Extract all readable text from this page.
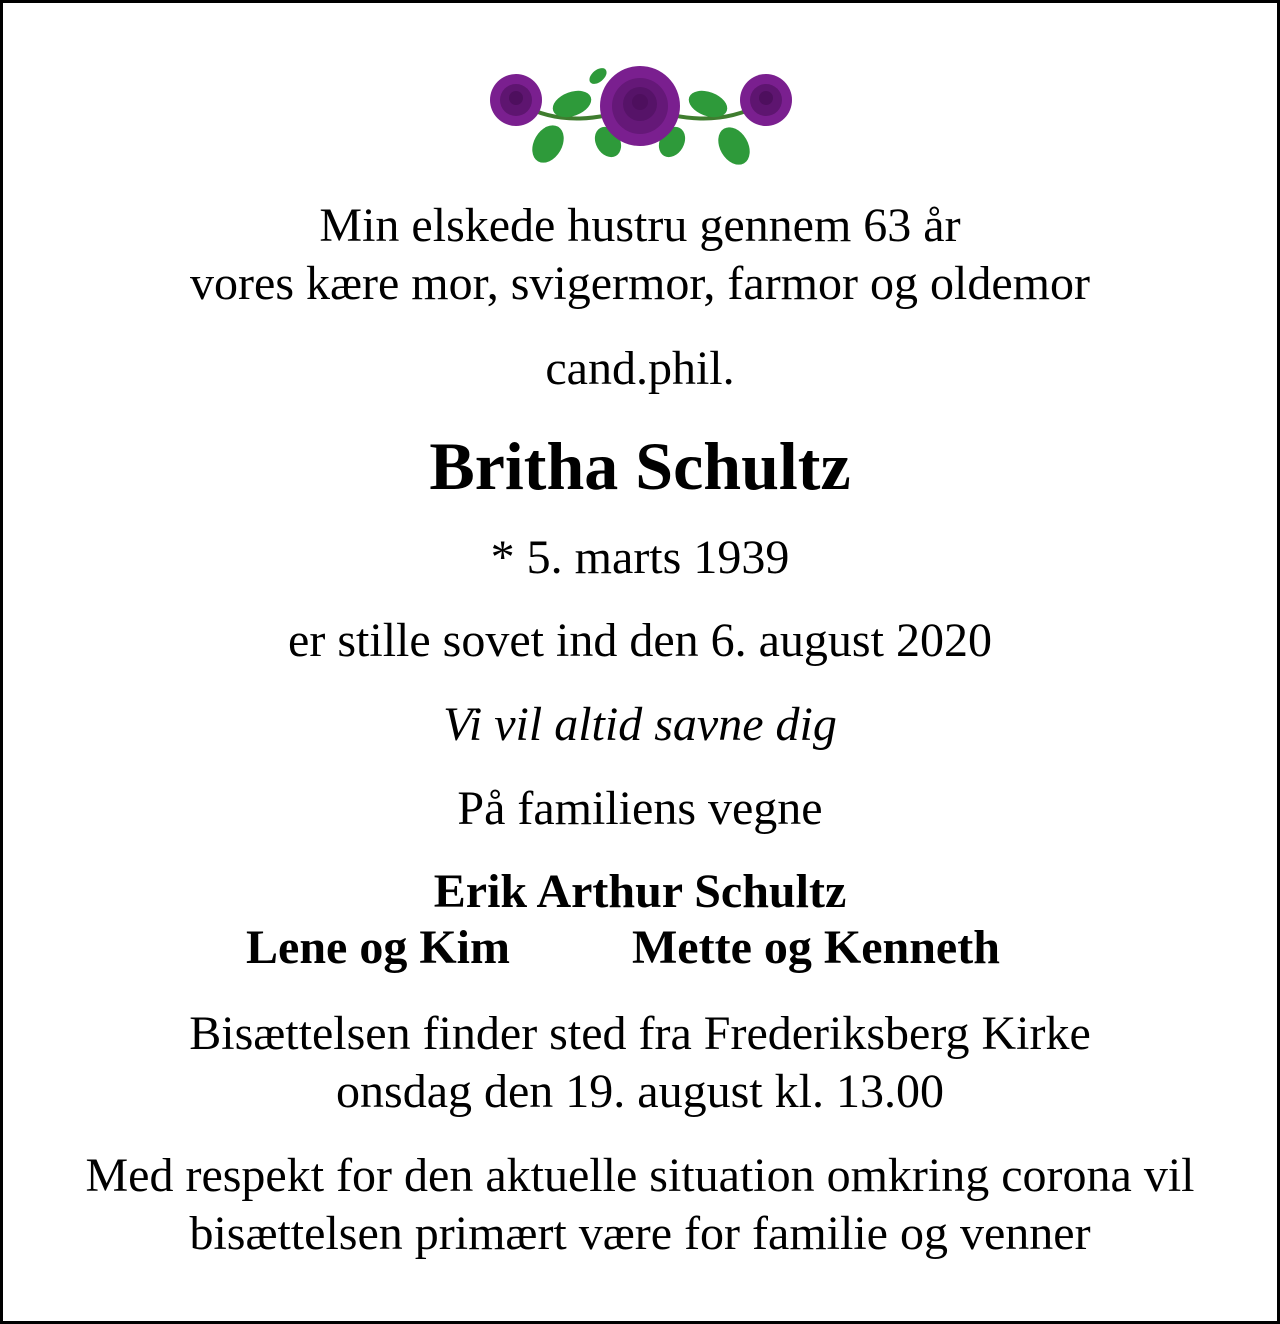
Min elskede hustru gennem 63 år
vores kære mor, svigermor, farmor og oldemor
cand.phil.
Britha Schultz
* 5. marts 1939
er stille sovet ind den 6. august 2020
Vi vil altid savne dig
På familiens vegne
Erik Arthur Schultz
Lene og Kim	Mette og Kenneth
Bisættelsen finder sted fra Frederiksberg Kirke
onsdag den 19. august kl. 13.00
Med respekt for den aktuelle situation omkring corona vil
bisættelsen primært være for familie og venner
